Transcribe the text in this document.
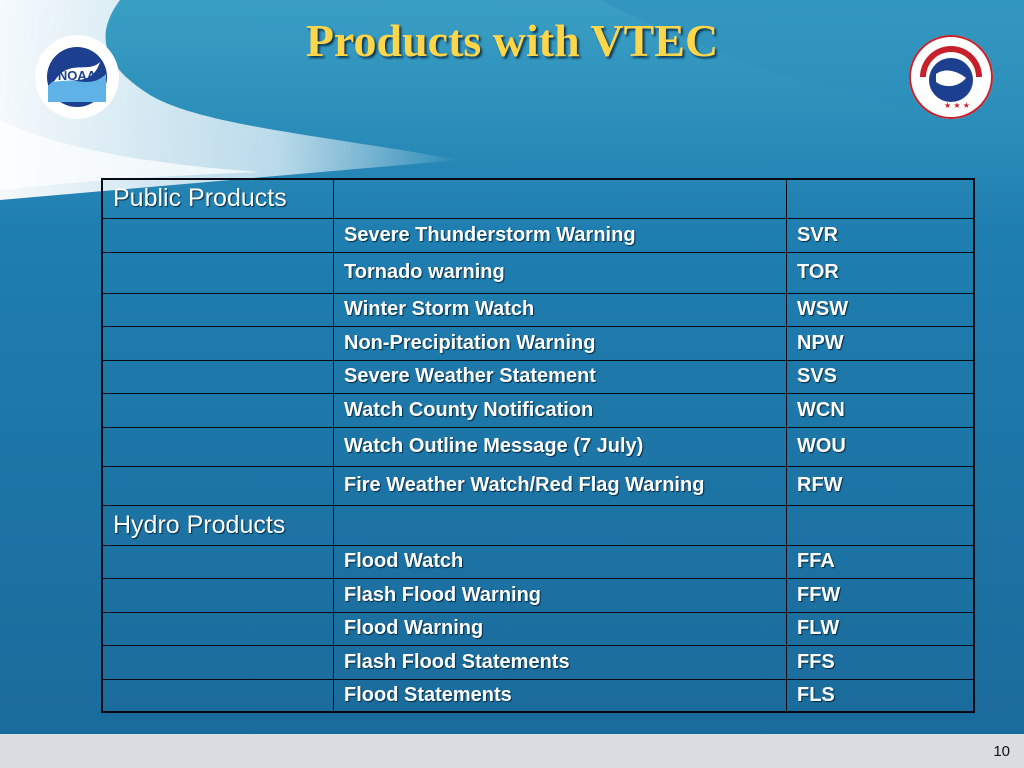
Products with VTEC
NOAA
★ ★ ★
Public Products		
	Severe Thunderstorm Warning	SVR
	Tornado warning	TOR
	Winter Storm Watch	WSW
	Non-Precipitation Warning	NPW
	Severe Weather Statement	SVS
	Watch County Notification	WCN
	Watch Outline Message (7 July)	WOU
	Fire Weather Watch/Red Flag Warning	RFW
Hydro Products		
	Flood Watch	FFA
	Flash Flood Warning	FFW
	Flood Warning	FLW
	Flash Flood Statements	FFS
	Flood Statements	FLS
10
